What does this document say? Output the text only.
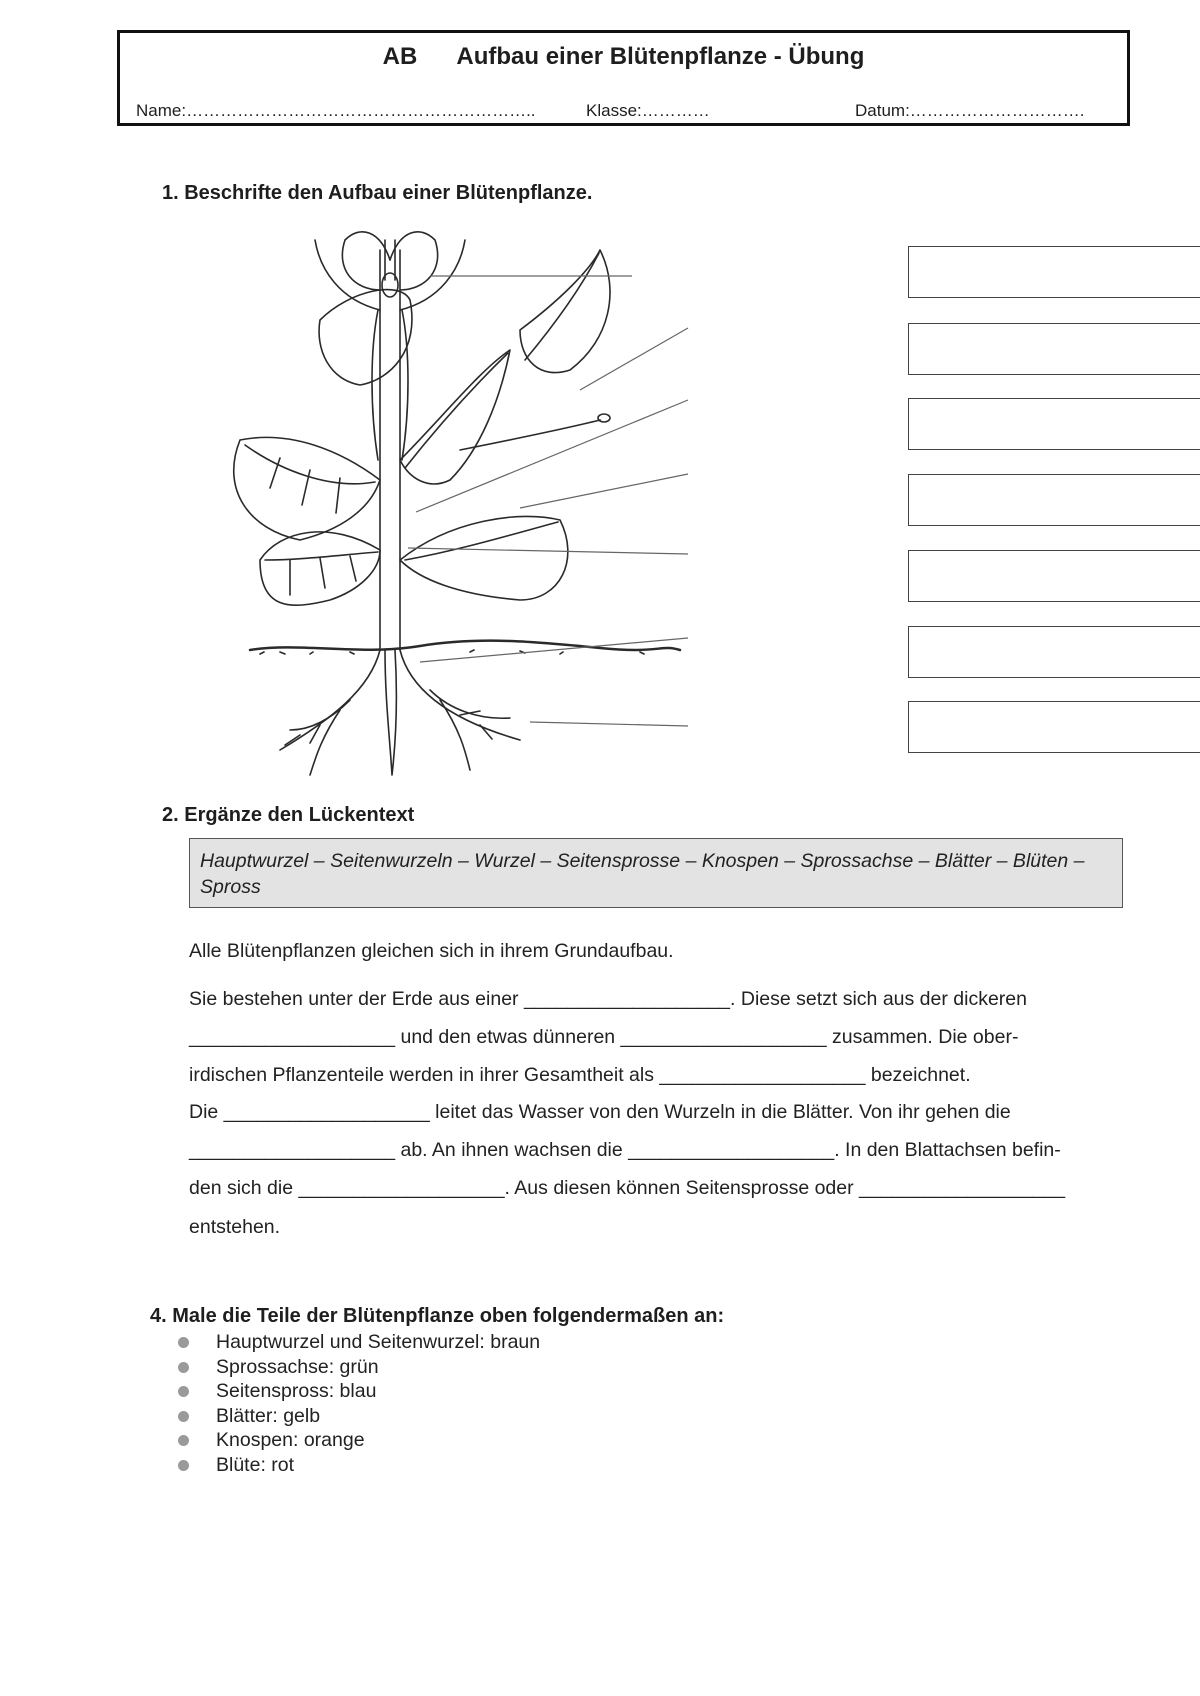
AB      Aufbau einer Blütenpflanze - Übung
Name:……………………………………………………..	Klasse:…………	Datum:………………………….
1. Beschrifte den Aufbau einer Blütenpflanze.
2. Ergänze den Lückentext
Hauptwurzel – Seitenwurzeln – Wurzel – Seitensprosse – Knospen – Sprossachse – Blätter – Blüten – Spross
Alle Blütenpflanzen gleichen sich in ihrem Grundaufbau.
Sie bestehen unter der Erde aus einer ___________________. Diese setzt sich aus der dickeren
___________________ und den etwas dünneren ___________________ zusammen. Die ober-
irdischen Pflanzenteile werden in ihrer Gesamtheit als ___________________ bezeichnet.
Die ___________________ leitet das Wasser von den Wurzeln in die Blätter. Von ihr gehen die
___________________ ab. An ihnen wachsen die ___________________. In den Blattachsen befin-
den sich die ___________________. Aus diesen können Seitensprosse oder ___________________
entstehen.
4. Male die Teile der Blütenpflanze oben folgendermaßen an:
Hauptwurzel und Seitenwurzel: braun
Sprossachse: grün
Seitenspross: blau
Blätter: gelb
Knospen: orange
Blüte: rot
